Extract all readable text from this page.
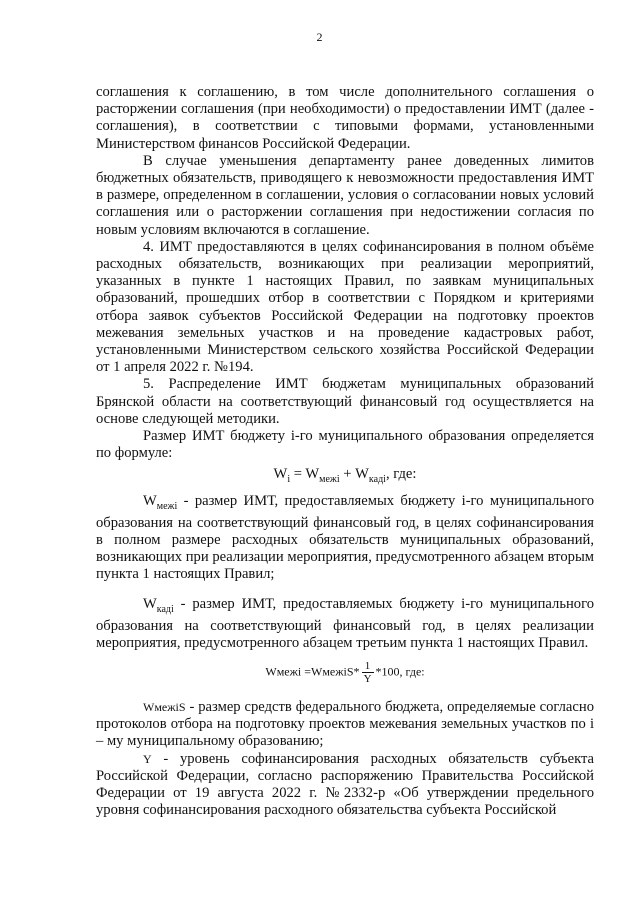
2

соглашения к соглашению, в том числе дополнительного соглашения о расторжении соглашения (при необходимости) о предоставлении ИМТ (далее - соглашения), в соответствии с типовыми формами, установленными Министерством финансов Российской Федерации.

В случае уменьшения департаменту ранее доведенных лимитов бюджетных обязательств, приводящего к невозможности предоставления ИМТ в размере, определенном в соглашении, условия о согласовании новых условий соглашения или о расторжении соглашения при недостижении согласия по новым условиям включаются в соглашение.

4. ИМТ предоставляются в целях софинансирования в полном объёме расходных обязательств, возникающих при реализации мероприятий, указанных в пункте 1 настоящих Правил, по заявкам муниципальных образований, прошедших отбор в соответствии с Порядком и критериями отбора заявок субъектов Российской Федерации на подготовку проектов межевания земельных участков и на проведение кадастровых работ, установленными Министерством сельского хозяйства Российской Федерации от 1 апреля 2022 г. №194.

5. Распределение ИМТ бюджетам муниципальных образований Брянской области на соответствующий финансовый год осуществляется на основе следующей методики.

Размер ИМТ бюджету i-го муниципального образования определяется по формуле:

$W_i = W_{межі} + W_{кадi}$, где:

$W_{межі}$ - размер ИМТ, предоставляемых бюджету i-го муниципального образования на соответствующий финансовый год, в целях софинансирования в полном размере расходных обязательств муниципальных образований, возникающих при реализации мероприятия, предусмотренного абзацем вторым пункта 1 настоящих Правил;

$W_{кадi}$ - размер ИМТ, предоставляемых бюджету i-го муниципального образования на соответствующий финансовый год, в целях реализации мероприятия, предусмотренного абзацем третьим пункта 1 настоящих Правил.

Wмежі =WмежіS* $\frac{1}{Y} *100$, где:

WмежіS - размер средств федерального бюджета, определяемые согласно протоколов отбора на подготовку проектов межевания земельных участков по i – му муниципальному образованию;

Y - уровень софинансирования расходных обязательств субъекта Российской Федерации, согласно распоряжению Правительства Российской Федерации от 19 августа 2022 г. №2332-р «Об утверждении предельного уровня софинансирования расходного обязательства субъекта Российской
